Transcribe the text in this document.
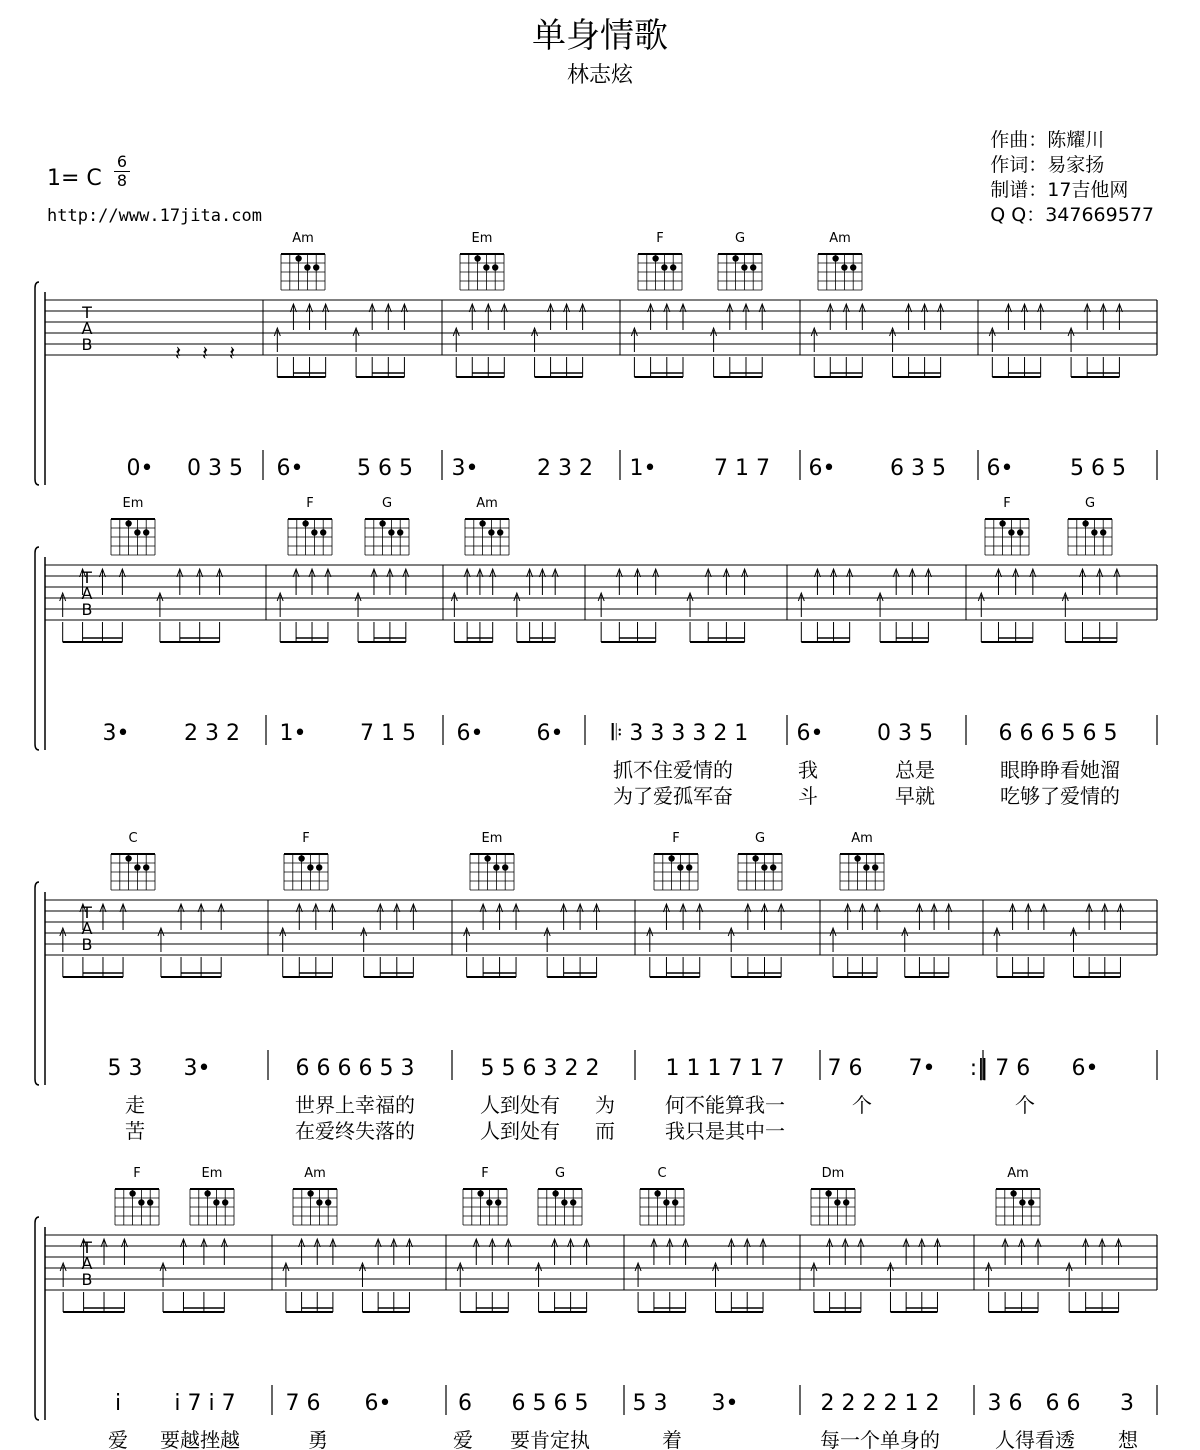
单身情歌
林志炫
1= C
6
8
http://www.17jita.com
作曲：陈耀川
作词：易家扬
制谱：17吉他网
Q Q：347669577
T
A
B	𝄽 𝄽 𝄽
Am	Em	F	G	Am
0• 0 3 5 6• 5 6 5 3•	2 3 2 1•	7 1 7 6• 6 3 5 6•	5 6 5
T
A
B
Em	F	G	Am	F	G
3• 2 3 2 1• 7 1 5 6• 6• 𝄆 3 3 3 3 2 1 6• 0 3 5	6 6 6 5 6 5
抓不住爱情的	我	总是	眼睁睁看她溜
为了爱孤军奋	斗	早就	吃够了爱情的
T
A
B
C	F	Em	F	G	Am
5 3 3•	6 6 6 6 5 3	5 5 6 3 2 2	1 1 1 7 1 7 7 6 7• :‖ 7 6 6•
走	世界上幸福的	人到处有 为	何不能算我一	个	个
苦	在爱终失落的	人到处有 而	我只是其中一
T
A
B
F	Em	Am	F	G	C	Dm	Am
i i 7 i 7 7 6 6•	6 6 5 6 5 5 3 3•	2 2 2 2 1 2 3 6 6 6 3
爱 要越挫越	勇	爱 要肯定执	着	每一个单身的	人得看透 想
